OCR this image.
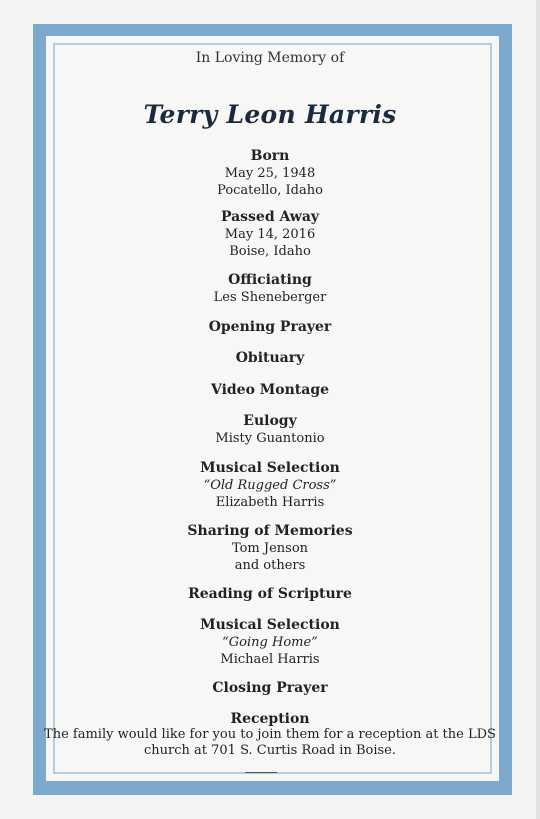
In Loving Memory of
Terry Leon Harris
Born
May 25, 1948
Pocatello, Idaho
Passed Away
May 14, 2016
Boise, Idaho
Officiating
Les Sheneberger
Opening Prayer
Obituary
Video Montage
Eulogy
Misty Guantonio
Musical Selection
“Old Rugged Cross”
Elizabeth Harris
Sharing of Memories
Tom Jenson
and others
Reading of Scripture
Musical Selection
“Going Home”
Michael Harris
Closing Prayer
Reception
The family would like for you to join them for a reception at the LDS church at 701 S. Curtis Road in Boise.
